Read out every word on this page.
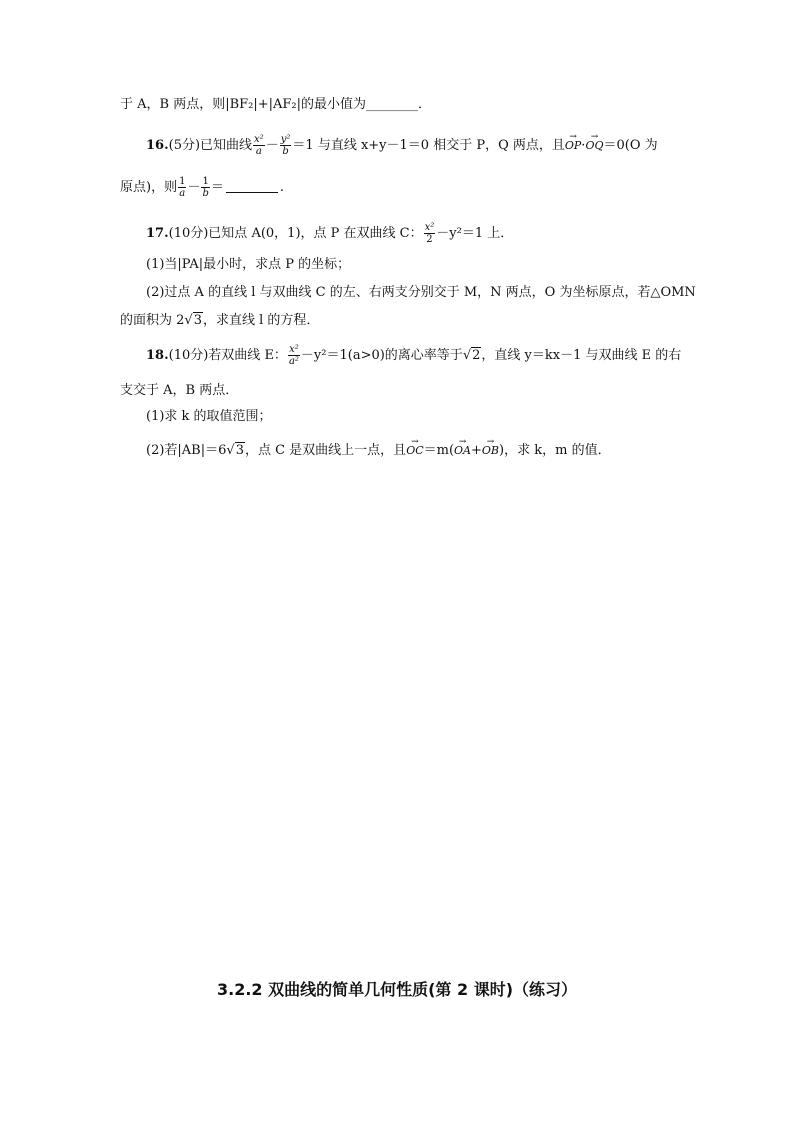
于 A，B 两点，则|BF₂|+|AF₂|的最小值为________．
16.(5分)已知曲线 $\frac{\text{x²}}{a} - \frac{\text{y²}}{b} =1$ 与直线 x+y－1＝0 相交于 P，Q 两点，且→ OP·→ OQ＝0(O 为
原点)，则 $\frac{1}{a} - \frac{1}{b}$ ＝	.
17.(10分)已知点 A(0，1)，点 P 在双曲线 C： $\frac{\text{x²}}{2} -y^2=1$ 上．
(1)当|PA|最小时，求点 P 的坐标；
(2)过点 A 的直线 l 与双曲线 C 的左、右两支分别交于 M，N 两点，O 为坐标原点，若△OMN
的面积为 2√3，求直线 l 的方程．
18.(10分)若双曲线 E： $\frac{\text{x²}}{\text{a²}} -y^2=1(a>0)$的离心率等于√2，直线 y＝kx－1 与双曲线 E 的右
支交于 A，B 两点．
(1)求 k 的取值范围；
(2)若|AB|＝6√3，点 C 是双曲线上一点，且→ OC＝m(→ OA+→ OB)，求 k，m 的值．
3.2.2 双曲线的简单几何性质(第 2 课时)（练习）
